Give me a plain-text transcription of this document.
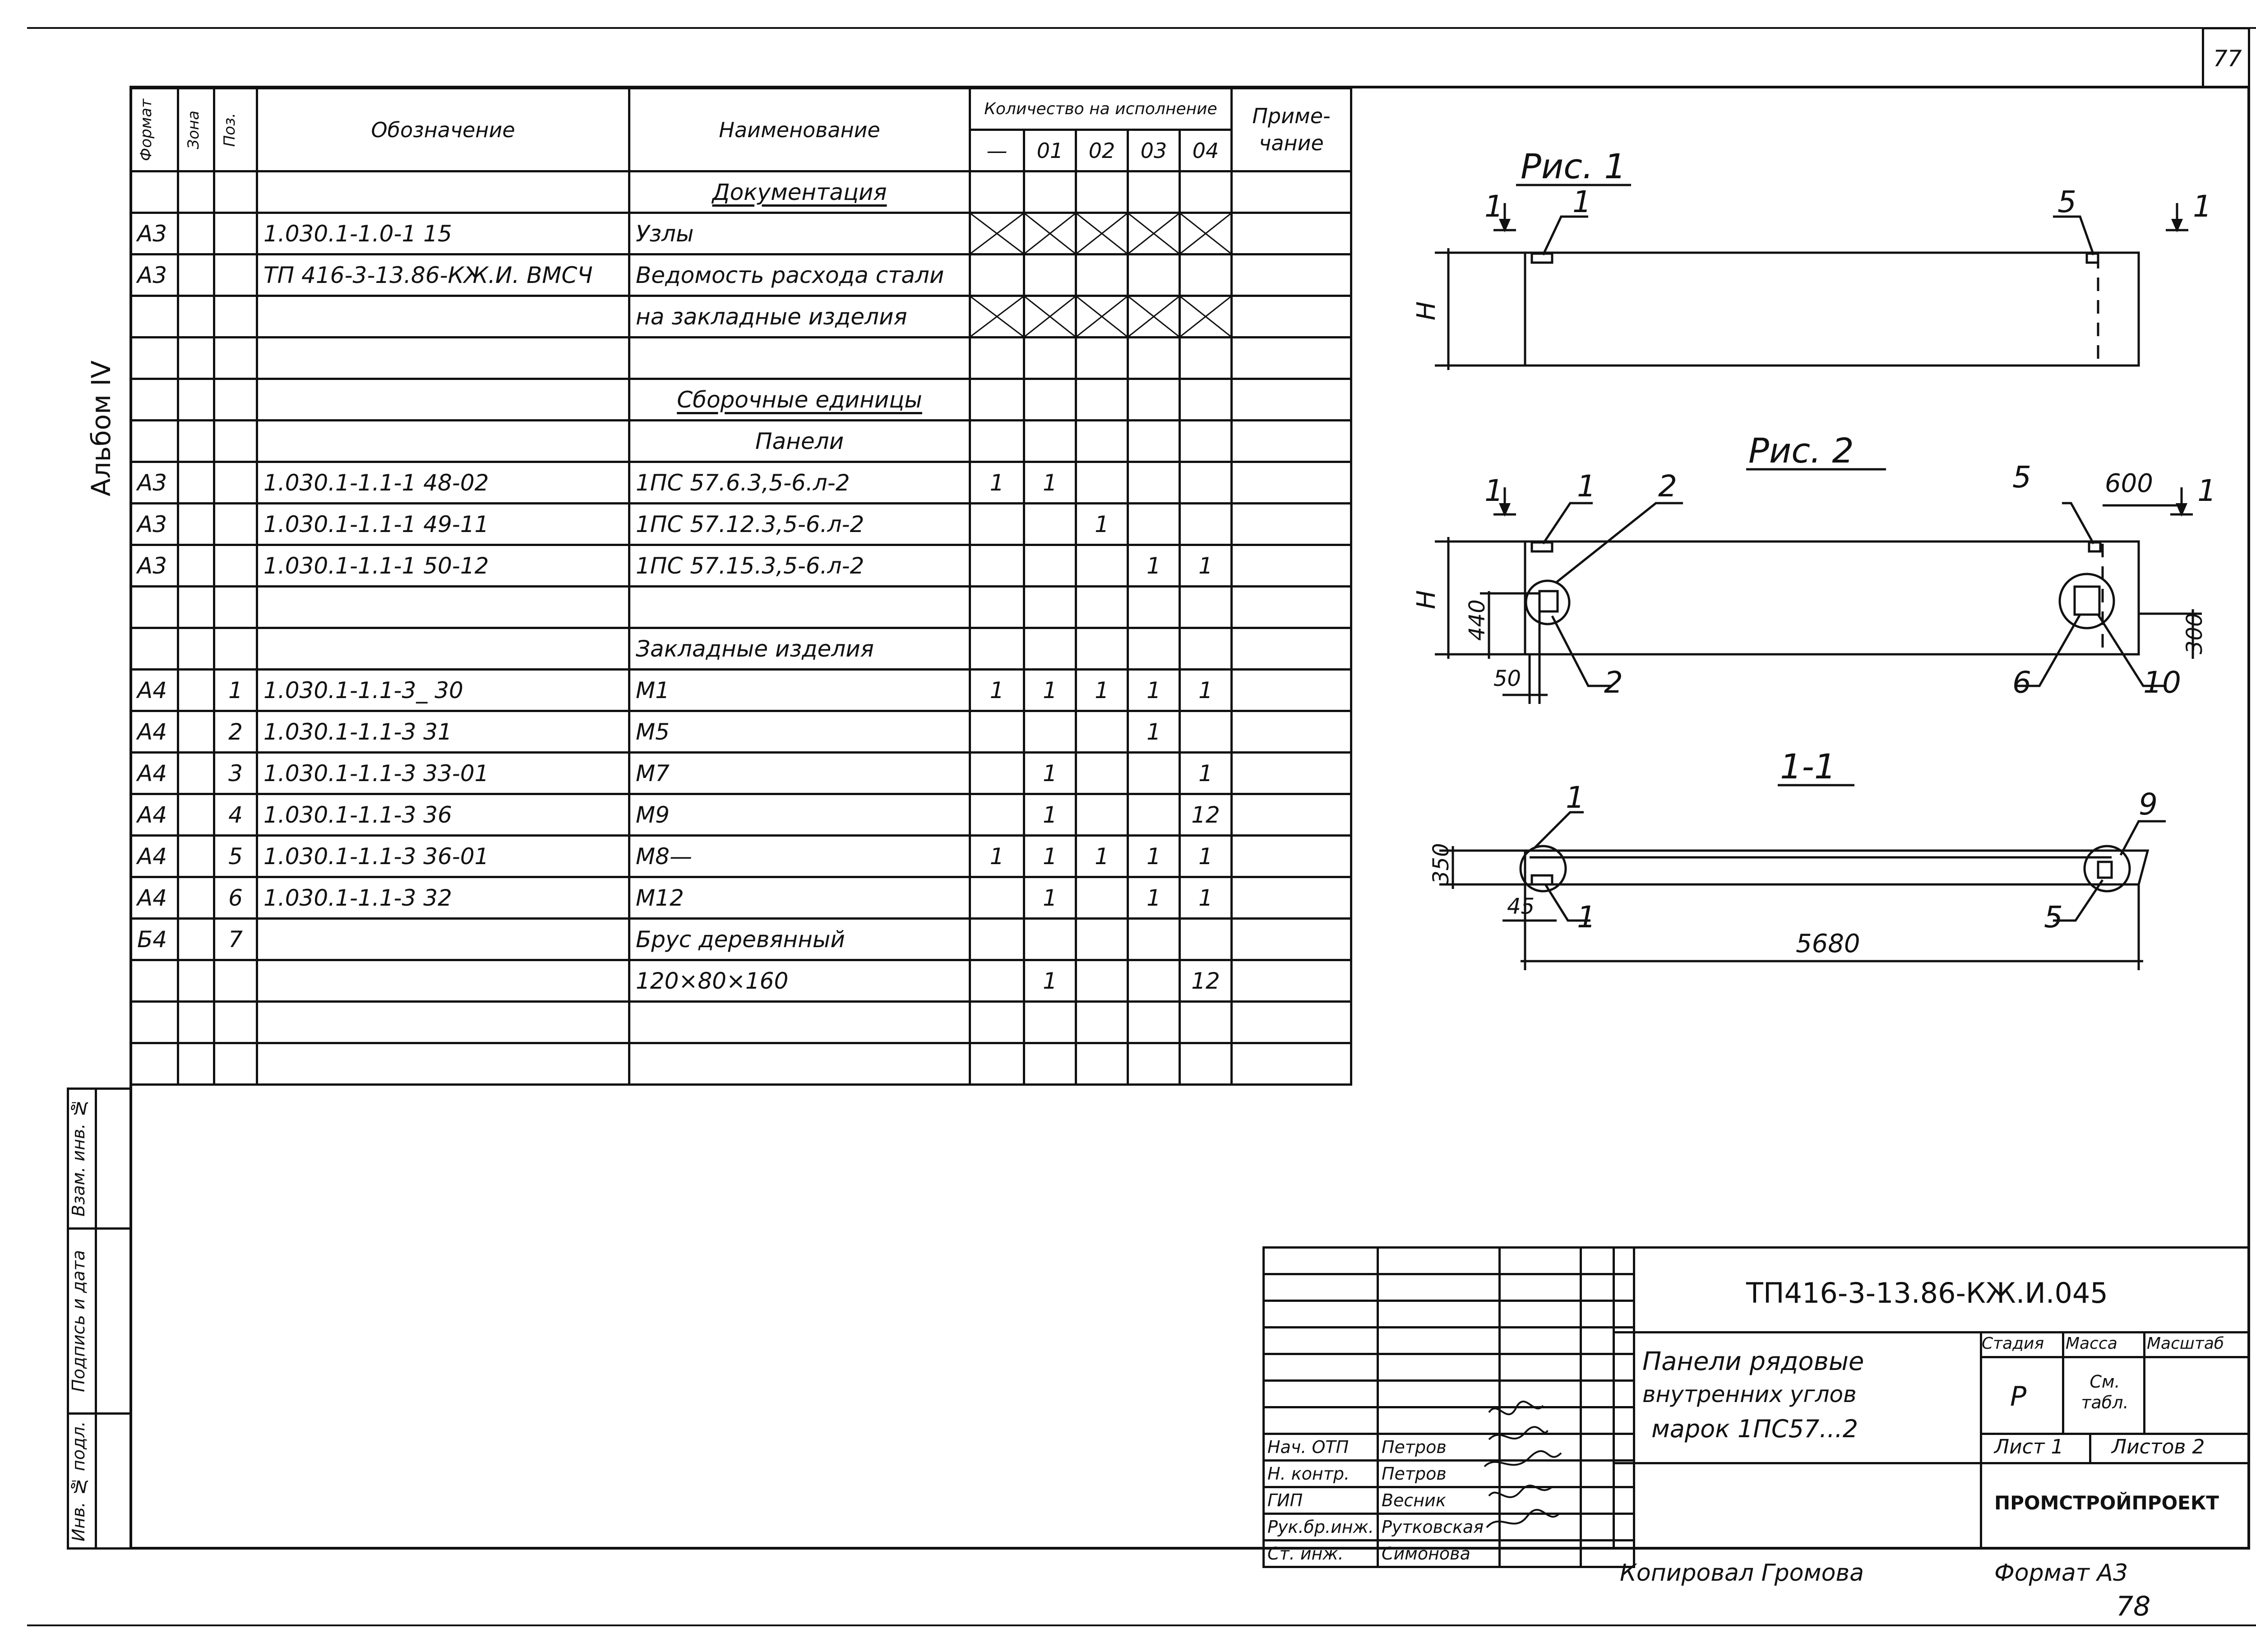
77
Альбом IV
Взам. инв. №
Подпись и дата
Инв. № подл.
Формат	Зона	Поз.	Обозначение	Наименование	Количество на исполнение					Приме-чание
					—	01	02	03	04	
				Документация						
А3			1.030.1-1.0-1 15	Узлы	

А3			ТП 416-3-13.86-КЖ.И. ВМСЧ	Ведомость расхода стали						
				на закладные изделия	

				Сборочные единицы						
				Панели						
А3			1.030.1-1.1-1 48-02	1ПС 57.6.3,5-6.л-2	1	1				
А3			1.030.1-1.1-1 49-11	1ПС 57.12.3,5-6.л-2			1			
А3			1.030.1-1.1-1 50-12	1ПС 57.15.3,5-6.л-2				1	1	

				Закладные изделия						
А4		1	1.030.1-1.1-3_ 30	М1	1	1	1	1	1	
А4		2	1.030.1-1.1-3 31	М5				1		
А4		3	1.030.1-1.1-3 33-01	М7		1			1	
А4		4	1.030.1-1.1-3 36	М9		1			12	
А4		5	1.030.1-1.1-3 36-01	М8—	1	1	1	1	1	
А4		6	1.030.1-1.1-3 32	М12		1		1	1	
Б4		7		Брус деревянный						
				120×80×160		1			12	

Рис. 1
1	1
1	5
Н
Рис. 2
1	1
1 2	5	600
Н 440
50	2	6	10
300
1-1
1	9
350
45 1	5
5680

Нач. ОТП	Петров		
Н. контр.	Петров		
ГИП	Весник		
Рук.бр.инж.	Рутковская		
Ст. инж.	Симонова		
ТП416-3-13.86-КЖ.И.045
Панели рядовые
внутренних углов
марок 1ПС57...2
Стадия Масса Масштаб
Р	См. табл.
Лист 1 Листов 2
ПРОМСТРОЙПРОЕКТ
Копировал Громова	Формат А3
78
